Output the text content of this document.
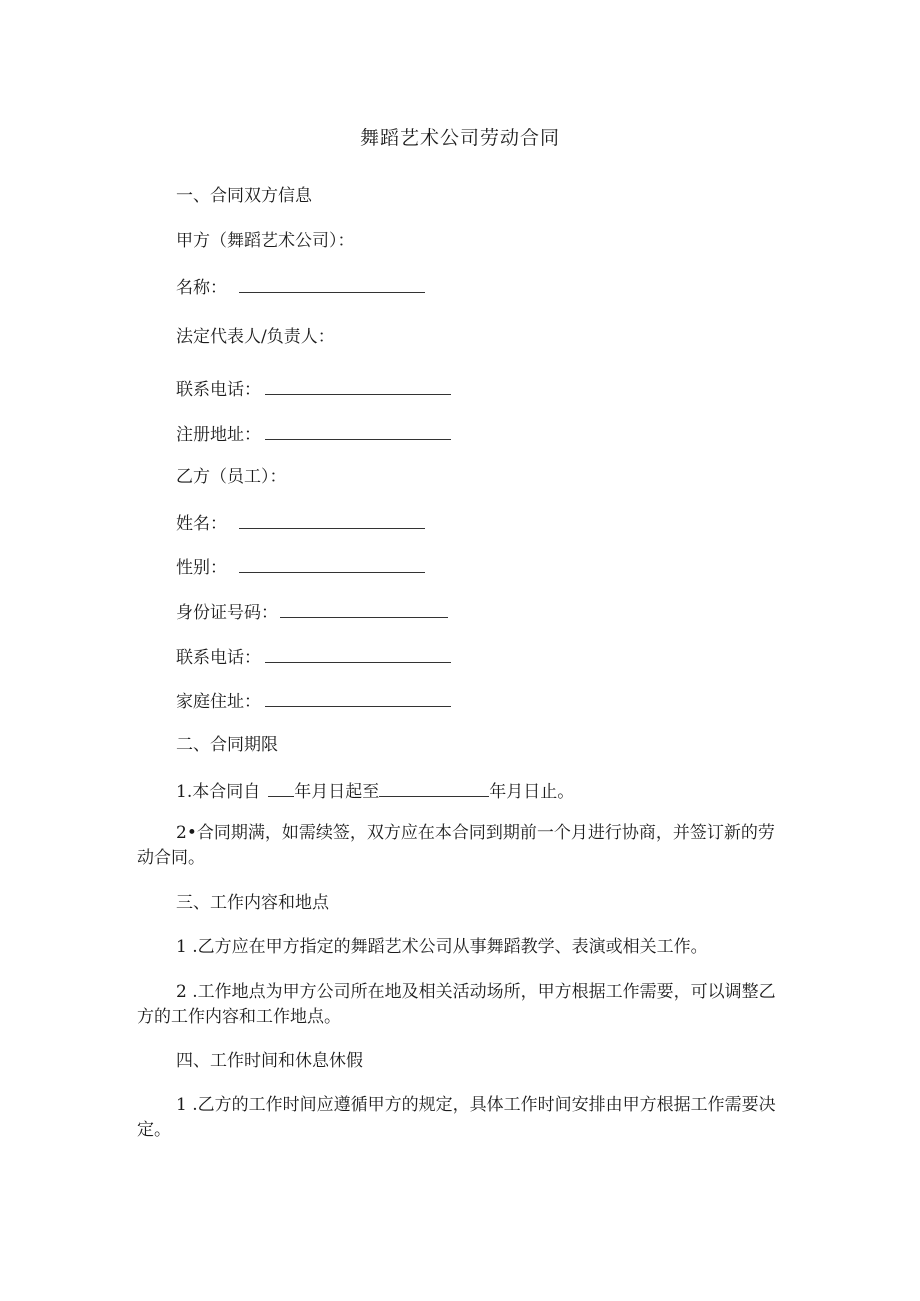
舞蹈艺术公司劳动合同
一、合同双方信息
甲方（舞蹈艺术公司）：
名称：
法定代表人/负责人：
联系电话：
注册地址：
乙方（员工）：
姓名：
性别：
身份证号码：
联系电话：
家庭住址：
二、合同期限
1.本合同自 年月日起至	年月日止。
2•合同期满，如需续签，双方应在本合同到期前一个月进行协商，并签订新的劳动合同。
三、工作内容和地点
1 .乙方应在甲方指定的舞蹈艺术公司从事舞蹈教学、表演或相关工作。
2 .工作地点为甲方公司所在地及相关活动场所，甲方根据工作需要，可以调整乙方的工作内容和工作地点。
四、工作时间和休息休假
1 .乙方的工作时间应遵循甲方的规定，具体工作时间安排由甲方根据工作需要决定。
